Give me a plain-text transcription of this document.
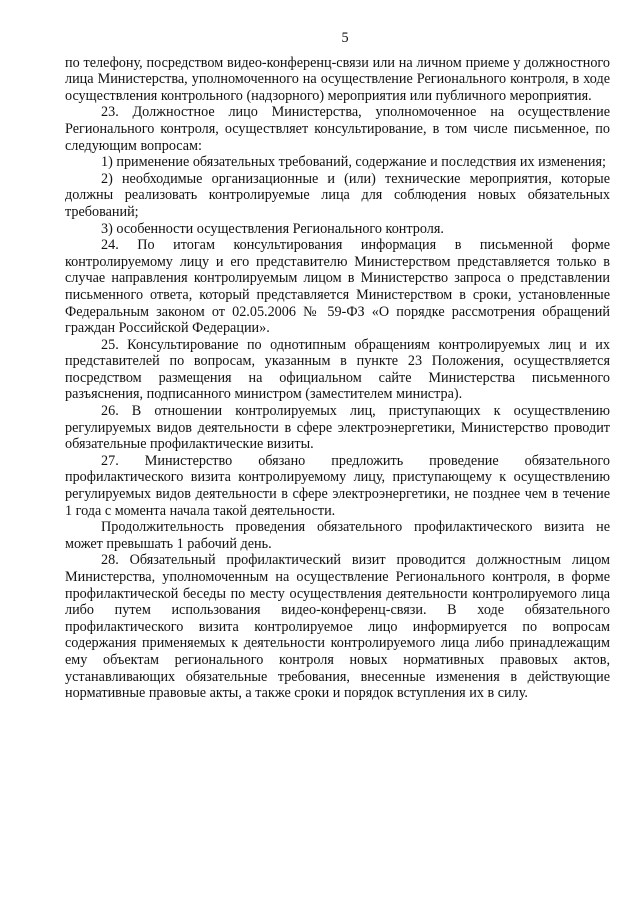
5

по телефону, посредством видео-конференц-связи или на личном приеме у должностного лица Министерства, уполномоченного на осуществление Регионального контроля, в ходе осуществления контрольного (надзорного) мероприятия или публичного мероприятия.

23. Должностное лицо Министерства, уполномоченное на осуществление Регионального контроля, осуществляет консультирование, в том числе письменное, по следующим вопросам:

1) применение обязательных требований, содержание и последствия их изменения;

2) необходимые организационные и (или) технические мероприятия, которые должны реализовать контролируемые лица для соблюдения новых обязательных требований;

3) особенности осуществления Регионального контроля.

24. По итогам консультирования информация в письменной форме контролируемому лицу и его представителю Министерством представляется только в случае направления контролируемым лицом в Министерство запроса о представлении письменного ответа, который представляется Министерством в сроки, установленные Федеральным законом от 02.05.2006 № 59-ФЗ «О порядке рассмотрения обращений граждан Российской Федерации».

25. Консультирование по однотипным обращениям контролируемых лиц и их представителей по вопросам, указанным в пункте 23 Положения, осуществляется посредством размещения на официальном сайте Министерства письменного разъяснения, подписанного министром (заместителем министра).

26. В отношении контролируемых лиц, приступающих к осуществлению регулируемых видов деятельности в сфере электроэнергетики, Министерство проводит обязательные профилактические визиты.

27. Министерство обязано предложить проведение обязательного профилактического визита контролируемому лицу, приступающему к осуществлению регулируемых видов деятельности в сфере электроэнергетики, не позднее чем в течение 1 года с момента начала такой деятельности.

Продолжительность проведения обязательного профилактического визита не может превышать 1 рабочий день.

28. Обязательный профилактический визит проводится должностным лицом Министерства, уполномоченным на осуществление Регионального контроля, в форме профилактической беседы по месту осуществления деятельности контролируемого лица либо путем использования видео-конференц-связи. В ходе обязательного профилактического визита контролируемое лицо информируется по вопросам содержания применяемых к деятельности контролируемого лица либо принадлежащим ему объектам регионального контроля новых нормативных правовых актов, устанавливающих обязательные требования, внесенные изменения в действующие нормативные правовые акты, а также сроки и порядок вступления их в силу.
